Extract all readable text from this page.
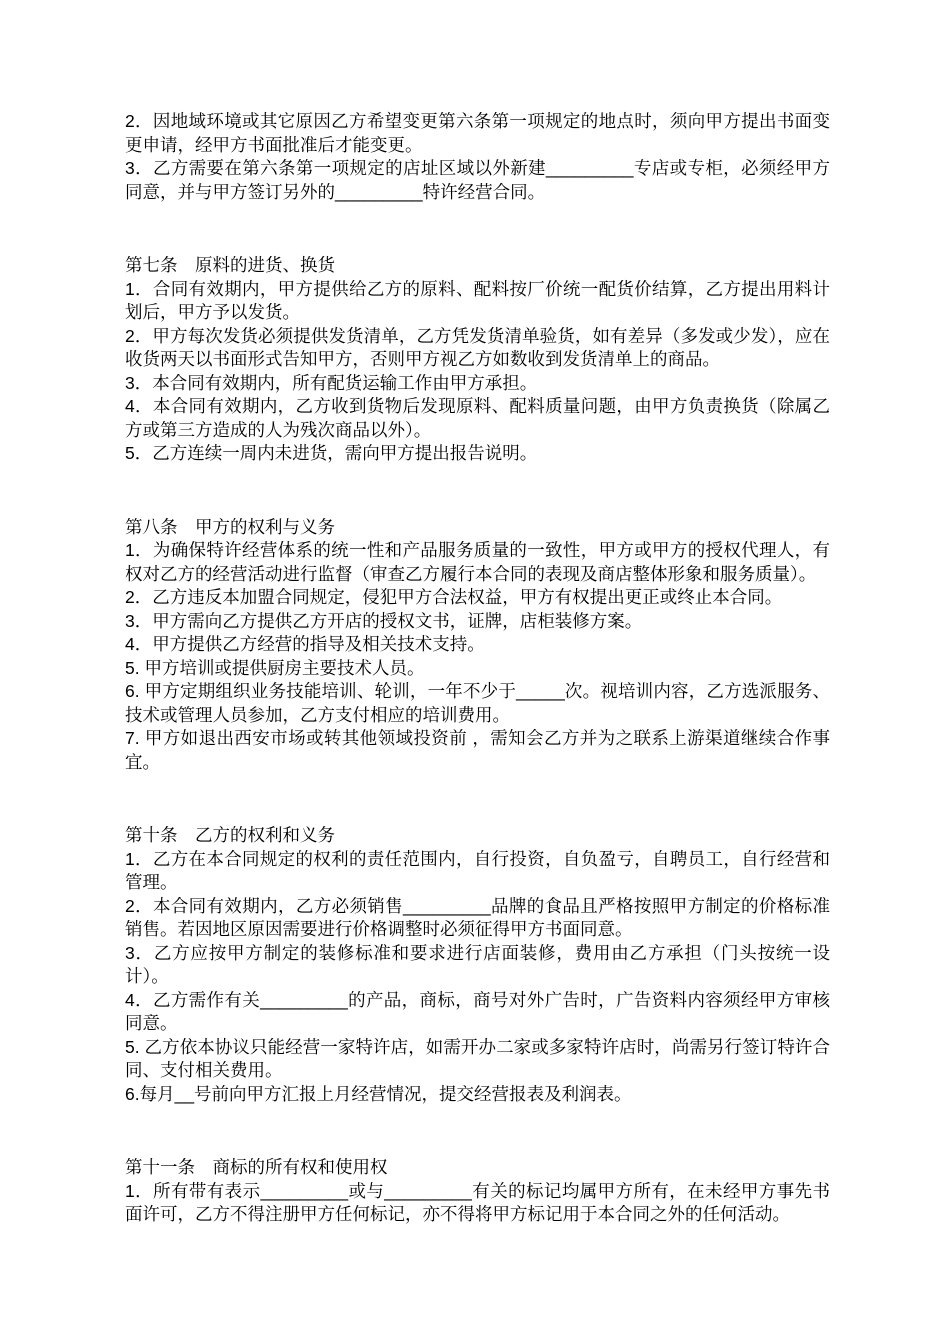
2．因地域环境或其它原因乙方希望变更第六条第一项规定的地点时，须向甲方提出书面变更申请，经甲方书面批准后才能变更。

3．乙方需要在第六条第一项规定的店址区域以外新建_________专店或专柜，必须经甲方同意，并与甲方签订另外的_________特许经营合同。

第七条　原料的进货、换货

1．合同有效期内，甲方提供给乙方的原料、配料按厂价统一配货价结算，乙方提出用料计划后，甲方予以发货。

2．甲方每次发货必须提供发货清单，乙方凭发货清单验货，如有差异（多发或少发），应在收货两天以书面形式告知甲方，否则甲方视乙方如数收到发货清单上的商品。

3．本合同有效期内，所有配货运输工作由甲方承担。

4．本合同有效期内，乙方收到货物后发现原料、配料质量问题，由甲方负责换货（除属乙方或第三方造成的人为残次商品以外）。

5．乙方连续一周内未进货，需向甲方提出报告说明。

第八条　甲方的权利与义务

1．为确保特许经营体系的统一性和产品服务质量的一致性，甲方或甲方的授权代理人，有权对乙方的经营活动进行监督（审查乙方履行本合同的表现及商店整体形象和服务质量）。

2．乙方违反本加盟合同规定，侵犯甲方合法权益，甲方有权提出更正或终止本合同。

3．甲方需向乙方提供乙方开店的授权文书，证牌，店柜装修方案。

4．甲方提供乙方经营的指导及相关技术支持。

5. 甲方培训或提供厨房主要技术人员。

6. 甲方定期组织业务技能培训、轮训，一年不少于_____次。视培训内容，乙方选派服务、技术或管理人员参加，乙方支付相应的培训费用。

7. 甲方如退出西安市场或转其他领域投资前 ，需知会乙方并为之联系上游渠道继续合作事宜。

第十条　乙方的权利和义务

1．乙方在本合同规定的权利的责任范围内，自行投资，自负盈亏，自聘员工，自行经营和管理。

2．本合同有效期内，乙方必须销售_________品牌的食品且严格按照甲方制定的价格标准销售。若因地区原因需要进行价格调整时必须征得甲方书面同意。

3．乙方应按甲方制定的装修标准和要求进行店面装修，费用由乙方承担（门头按统一设计）。

4．乙方需作有关_________的产品，商标，商号对外广告时，广告资料内容须经甲方审核同意。

5. 乙方依本协议只能经营一家特许店，如需开办二家或多家特许店时，尚需另行签订特许合同、支付相关费用。

6.每月__号前向甲方汇报上月经营情况，提交经营报表及利润表。

第十一条　商标的所有权和使用权

1．所有带有表示_________或与_________有关的标记均属甲方所有，在未经甲方事先书面许可，乙方不得注册甲方任何标记，亦不得将甲方标记用于本合同之外的任何活动。
